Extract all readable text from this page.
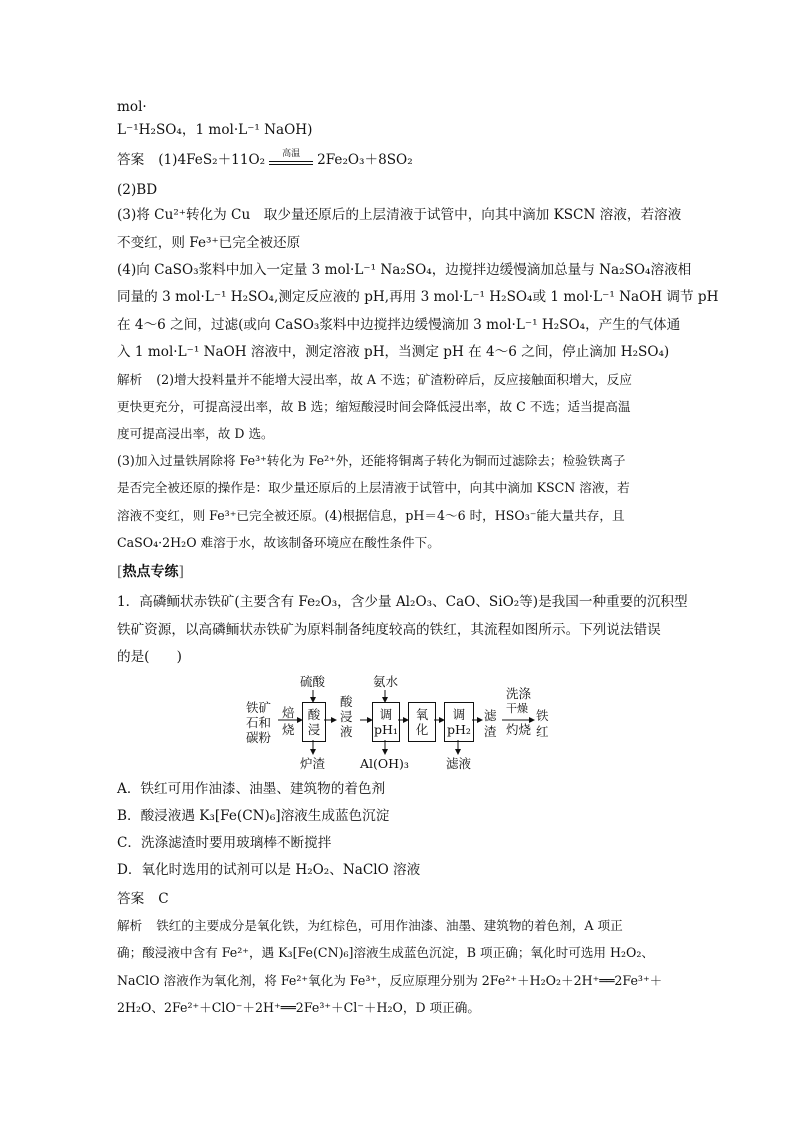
mol·
L⁻¹H₂SO₄，1 mol·L⁻¹ NaOH)
答案 (1)4FeS₂＋11O₂	高温	2Fe₂O₃＋8SO₂
(2)BD
(3)将 Cu²⁺转化为 Cu　取少量还原后的上层清液于试管中，向其中滴加 KSCN 溶液，若溶液
不变红，则 Fe³⁺已完全被还原
(4)向 CaSO₃浆料中加入一定量 3 mol·L⁻¹ Na₂SO₄，边搅拌边缓慢滴加总量与 Na₂SO₄溶液相
同量的 3 mol·L⁻¹ H₂SO₄,测定反应液的 pH,再用 3 mol·L⁻¹ H₂SO₄或 1 mol·L⁻¹ NaOH 调节 pH
在 4～6 之间，过滤(或向 CaSO₃浆料中边搅拌边缓慢滴加 3 mol·L⁻¹ H₂SO₄，产生的气体通
入 1 mol·L⁻¹ NaOH 溶液中，测定溶液 pH，当测定 pH 在 4～6 之间，停止滴加 H₂SO₄)
解析 (2)增大投料量并不能增大浸出率，故 A 不选；矿渣粉碎后，反应接触面积增大，反应
更快更充分，可提高浸出率，故 B 选；缩短酸浸时间会降低浸出率，故 C 不选；适当提高温
度可提高浸出率，故 D 选。
(3)加入过量铁屑除将 Fe³⁺转化为 Fe²⁺外，还能将铜离子转化为铜而过滤除去；检验铁离子
是否完全被还原的操作是：取少量还原后的上层清液于试管中，向其中滴加 KSCN 溶液，若
溶液不变红，则 Fe³⁺已完全被还原。(4)根据信息，pH＝4～6 时，HSO₃⁻能大量共存，且
CaSO₄·2H₂O 难溶于水，故该制备环境应在酸性条件下。
[热点专练]
1．高磷鲕状赤铁矿(主要含有 Fe₂O₃，含少量 Al₂O₃、CaO、SiO₂等)是我国一种重要的沉积型
铁矿资源，以高磷鲕状赤铁矿为原料制备纯度较高的铁红，其流程如图所示。下列说法错误
的是(　　)
铁矿
石和
碳粉
焙
烧
硫酸
酸
浸
炉渣
酸
浸
液
氨水
调
pH₁
Al(OH)₃
氧
化
调
pH₂
滤液
滤
渣
洗涤
干燥
灼烧
铁
红
A．铁红可用作油漆、油墨、建筑物的着色剂
B．酸浸液遇 K₃[Fe(CN)₆]溶液生成蓝色沉淀
C．洗涤滤渣时要用玻璃棒不断搅拌
D．氧化时选用的试剂可以是 H₂O₂、NaClO 溶液
答案 C
解析 铁红的主要成分是氧化铁，为红棕色，可用作油漆、油墨、建筑物的着色剂，A 项正
确；酸浸液中含有 Fe²⁺，遇 K₃[Fe(CN)₆]溶液生成蓝色沉淀，B 项正确；氧化时可选用 H₂O₂、
NaClO 溶液作为氧化剂，将 Fe²⁺氧化为 Fe³⁺，反应原理分别为 2Fe²⁺＋H₂O₂＋2H⁺══2Fe³⁺＋
2H₂O、2Fe²⁺＋ClO⁻＋2H⁺══2Fe³⁺＋Cl⁻＋H₂O，D 项正确。
